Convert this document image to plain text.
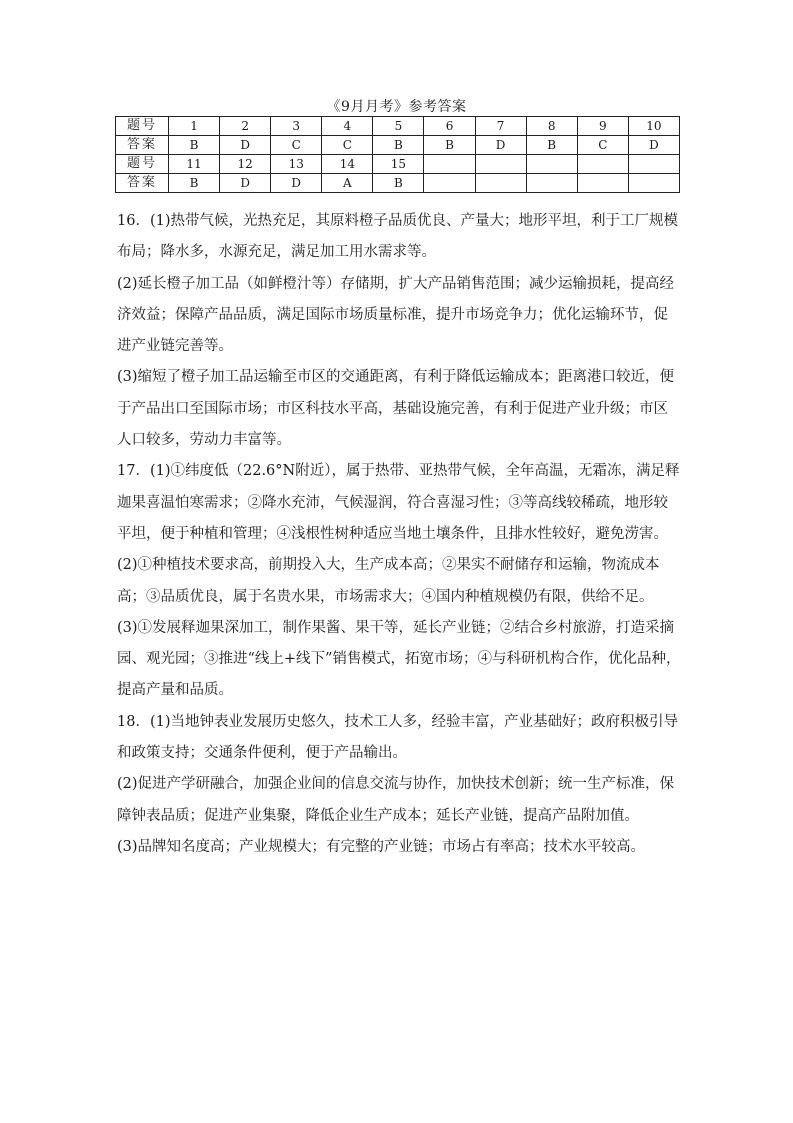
《9月月考》参考答案
题号	1	2	3	4	5	6	7	8	9	10
答案	B	D	C	C	B	B	D	B	C	D
题号	11	12	13	14	15					
答案	B	D	D	A	B					

16．(1)热带气候，光热充足，其原料橙子品质优良、产量大；地形平坦，利于工厂规模布局；降水多，水源充足，满足加工用水需求等。

(2)延长橙子加工品（如鲜橙汁等）存储期，扩大产品销售范围；减少运输损耗，提高经济效益；保障产品品质，满足国际市场质量标准，提升市场竞争力；优化运输环节，促进产业链完善等。

(3)缩短了橙子加工品运输至市区的交通距离，有利于降低运输成本；距离港口较近，便于产品出口至国际市场；市区科技水平高，基础设施完善，有利于促进产业升级；市区人口较多，劳动力丰富等。

17．(1)①纬度低（22.6°N附近），属于热带、亚热带气候，全年高温，无霜冻，满足释迦果喜温怕寒需求；②降水充沛，气候湿润，符合喜湿习性；③等高线较稀疏，地形较平坦，便于种植和管理；④浅根性树种适应当地土壤条件，且排水性较好，避免涝害。

(2)①种植技术要求高，前期投入大，生产成本高；②果实不耐储存和运输，物流成本高；③品质优良，属于名贵水果，市场需求大；④国内种植规模仍有限，供给不足。

(3)①发展释迦果深加工，制作果酱、果干等，延长产业链；②结合乡村旅游，打造采摘园、观光园；③推进“线上+线下”销售模式，拓宽市场；④与科研机构合作，优化品种，提高产量和品质。

18．(1)当地钟表业发展历史悠久，技术工人多，经验丰富，产业基础好；政府积极引导和政策支持；交通条件便利，便于产品输出。

(2)促进产学研融合，加强企业间的信息交流与协作，加快技术创新；统一生产标准，保障钟表品质；促进产业集聚，降低企业生产成本；延长产业链，提高产品附加值。

(3)品牌知名度高；产业规模大；有完整的产业链；市场占有率高；技术水平较高。
